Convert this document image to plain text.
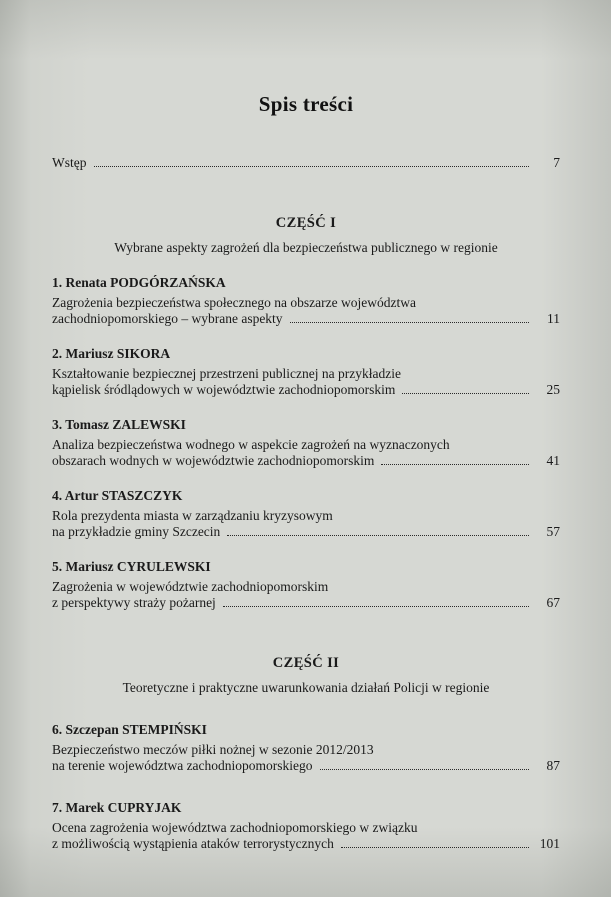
Spis treści
Wstęp	7
CZĘŚĆ I
Wybrane aspekty zagrożeń dla bezpieczeństwa publicznego w regionie
1. Renata PODGÓRZAŃSKA
Zagrożenia bezpieczeństwa społecznego na obszarze województwa
zachodniopomorskiego – wybrane aspekty	11
2. Mariusz SIKORA
Kształtowanie bezpiecznej przestrzeni publicznej na przykładzie
kąpielisk śródlądowych w województwie zachodniopomorskim	25
3. Tomasz ZALEWSKI
Analiza bezpieczeństwa wodnego w aspekcie zagrożeń na wyznaczonych
obszarach wodnych w województwie zachodniopomorskim	41
4. Artur STASZCZYK
Rola prezydenta miasta w zarządzaniu kryzysowym
na przykładzie gminy Szczecin	57
5. Mariusz CYRULEWSKI
Zagrożenia w województwie zachodniopomorskim
z perspektywy straży pożarnej	67
CZĘŚĆ II
Teoretyczne i praktyczne uwarunkowania działań Policji w regionie
6. Szczepan STEMPIŃSKI
Bezpieczeństwo meczów piłki nożnej w sezonie 2012/2013
na terenie województwa zachodniopomorskiego	87
7. Marek CUPRYJAK
Ocena zagrożenia województwa zachodniopomorskiego w związku
z możliwością wystąpienia ataków terrorystycznych	101
